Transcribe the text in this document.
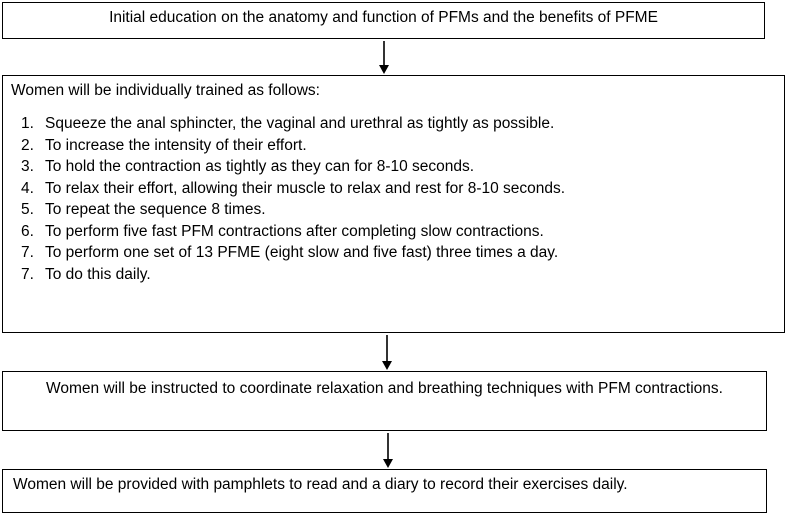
Initial education on the anatomy and function of PFMs and the benefits of PFME
Women will be individually trained as follows:
1. Squeeze the anal sphincter, the vaginal and urethral as tightly as possible.
2. To increase the intensity of their effort.
3. To hold the contraction as tightly as they can for 8-10 seconds.
4. To relax their effort, allowing their muscle to relax and rest for 8-10 seconds.
5. To repeat the sequence 8 times.
6. To perform five fast PFM contractions after completing slow contractions.
7. To perform one set of 13 PFME (eight slow and five fast) three times a day.
7. To do this daily.
Women will be instructed to coordinate relaxation and breathing techniques with PFM contractions.
Women will be provided with pamphlets to read and a diary to record their exercises daily.
